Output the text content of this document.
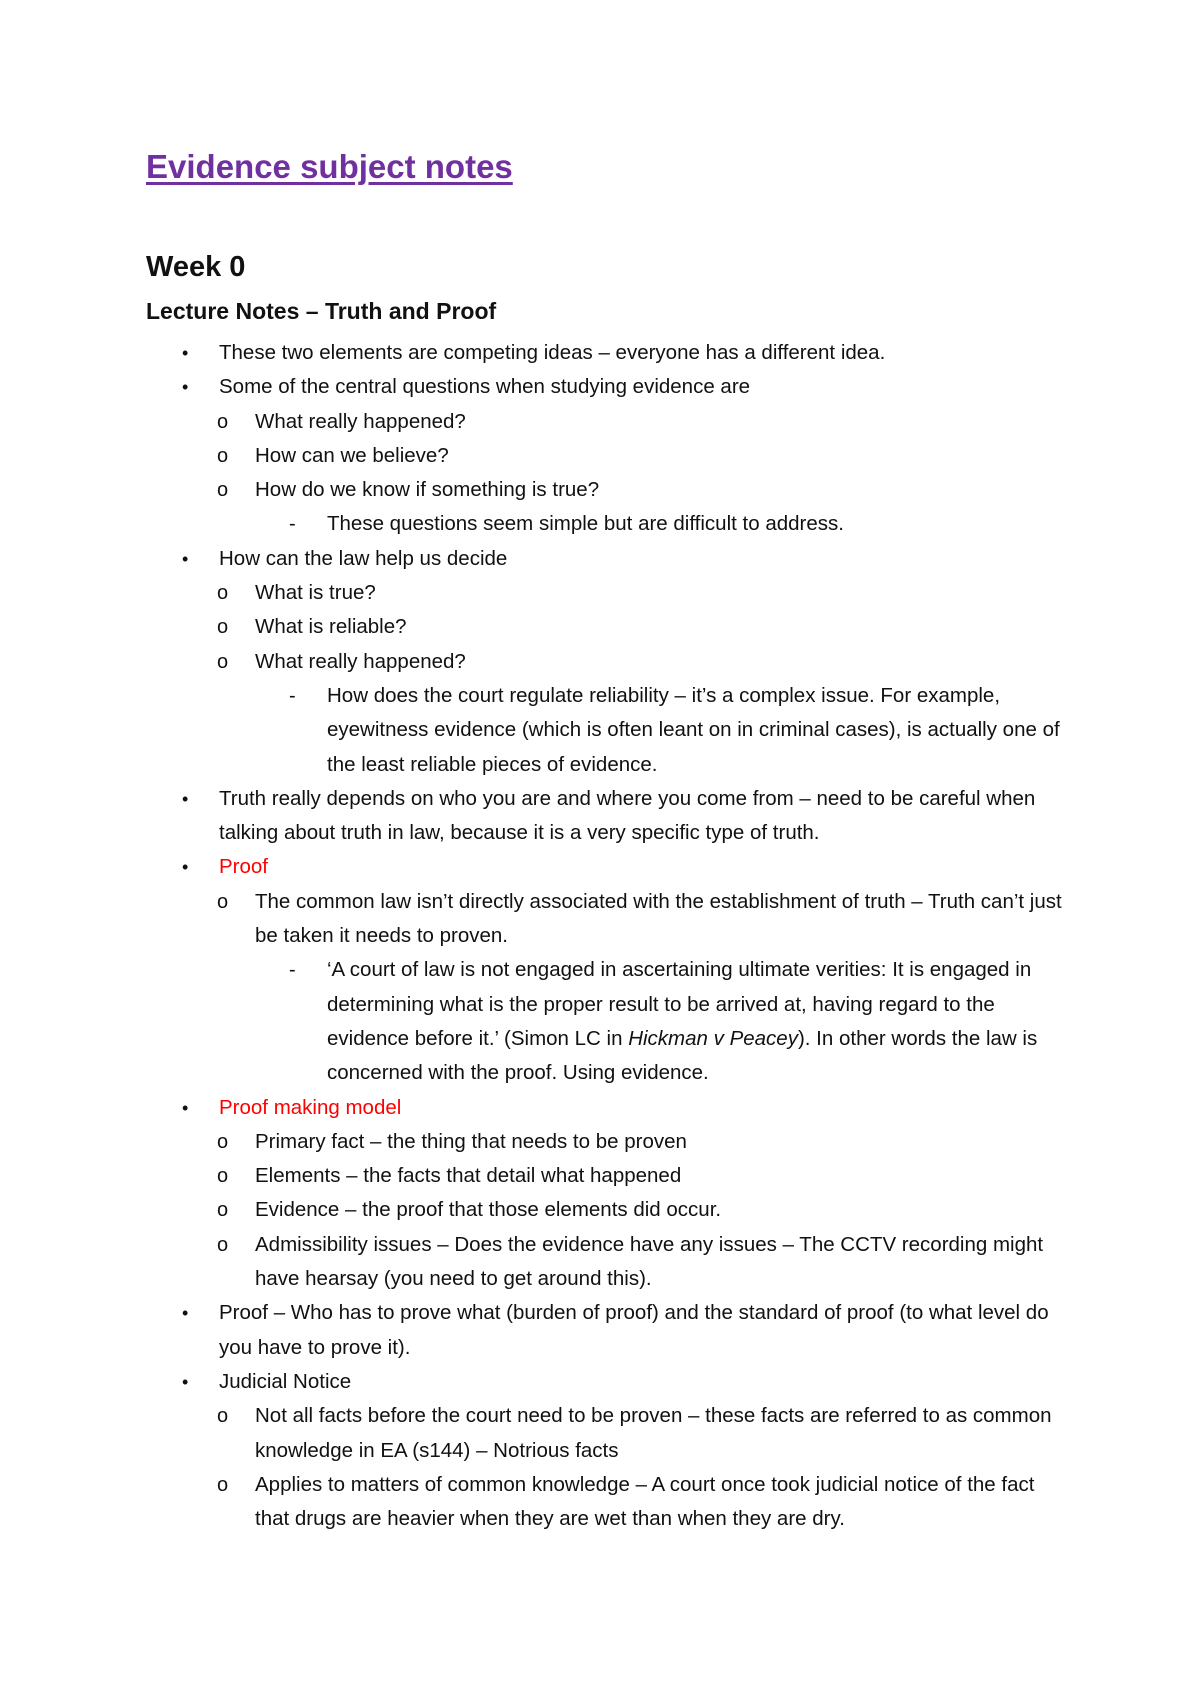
Evidence subject notes
Week 0
Lecture Notes – Truth and Proof
• These two elements are competing ideas – everyone has a different idea.
• Some of the central questions when studying evidence are
o What really happened?
o How can we believe?
o How do we know if something is true?
- These questions seem simple but are difficult to address.
• How can the law help us decide
o What is true?
o What is reliable?
o What really happened?
- How does the court regulate reliability – it’s a complex issue. For example, eyewitness evidence (which is often leant on in criminal cases), is actually one of the least reliable pieces of evidence.
• Truth really depends on who you are and where you come from – need to be careful when talking about truth in law, because it is a very specific type of truth.
• Proof
o The common law isn’t directly associated with the establishment of truth – Truth can’t just be taken it needs to proven.
- ‘A court of law is not engaged in ascertaining ultimate verities: It is engaged in determining what is the proper result to be arrived at, having regard to the evidence before it.’ (Simon LC in Hickman v Peacey). In other words the law is concerned with the proof. Using evidence.
• Proof making model
o Primary fact – the thing that needs to be proven
o Elements – the facts that detail what happened
o Evidence – the proof that those elements did occur.
o Admissibility issues – Does the evidence have any issues – The CCTV recording might have hearsay (you need to get around this).
• Proof – Who has to prove what (burden of proof) and the standard of proof (to what level do you have to prove it).
• Judicial Notice
o Not all facts before the court need to be proven – these facts are referred to as common knowledge in EA (s144) – Notrious facts
o Applies to matters of common knowledge – A court once took judicial notice of the fact that drugs are heavier when they are wet than when they are dry.
